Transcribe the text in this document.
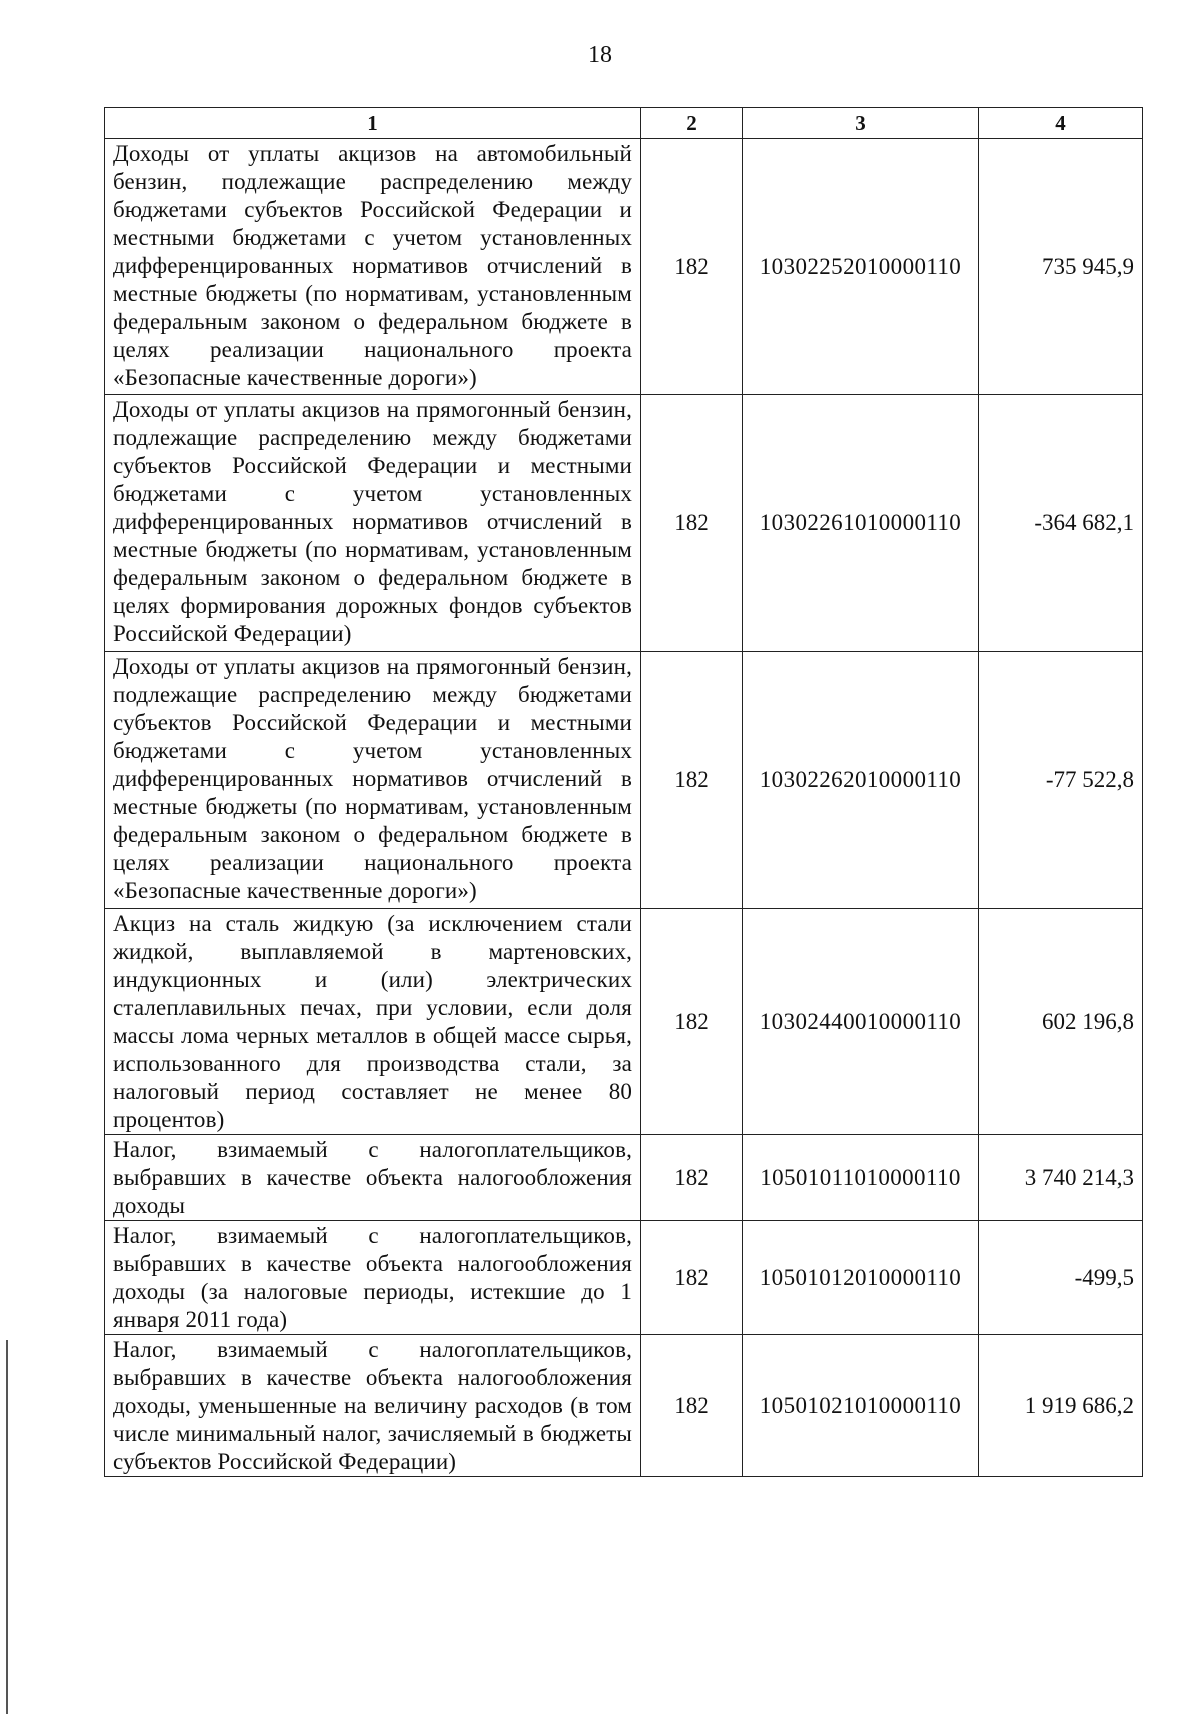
18
1	2	3	4
Доходы от уплаты акцизов на автомобильный бензин, подлежащие распределению между бюджетами субъектов Российской Федерации и местными бюджетами с учетом установленных дифференцированных нормативов отчислений в местные бюджеты (по нормативам, установленным федеральным законом о федеральном бюджете в целях реализации национального проекта «Безопасные качественные дороги»)	182	10302252010000110	735 945,9
Доходы от уплаты акцизов на прямогонный бензин, подлежащие распределению между бюджетами субъектов Российской Федерации и местными бюджетами с учетом установленных дифференцированных нормативов отчислений в местные бюджеты (по нормативам, установленным федеральным законом о федеральном бюджете в целях формирования дорожных фондов субъектов Российской Федерации)	182	10302261010000110	-364 682,1
Доходы от уплаты акцизов на прямогонный бензин, подлежащие распределению между бюджетами субъектов Российской Федерации и местными бюджетами с учетом установленных дифференцированных нормативов отчислений в местные бюджеты (по нормативам, установленным федеральным законом о федеральном бюджете в целях реализации национального проекта «Безопасные качественные дороги»)	182	10302262010000110	-77 522,8
Акциз на сталь жидкую (за исключением стали жидкой, выплавляемой в мартеновских, индукционных и (или) электрических сталеплавильных печах, при условии, если доля массы лома черных металлов в общей массе сырья, использованного для производства стали, за налоговый период составляет не менее 80 процентов)	182	10302440010000110	602 196,8
Налог, взимаемый с налогоплательщиков, выбравших в качестве объекта налогообложения доходы	182	10501011010000110	3 740 214,3
Налог, взимаемый с налогоплательщиков, выбравших в качестве объекта налогообложения доходы (за налоговые периоды, истекшие до 1 января 2011 года)	182	10501012010000110	-499,5
Налог, взимаемый с налогоплательщиков, выбравших в качестве объекта налогообложения доходы, уменьшенные на величину расходов (в том числе минимальный налог, зачисляемый в бюджеты субъектов Российской Федерации)	182	10501021010000110	1 919 686,2
